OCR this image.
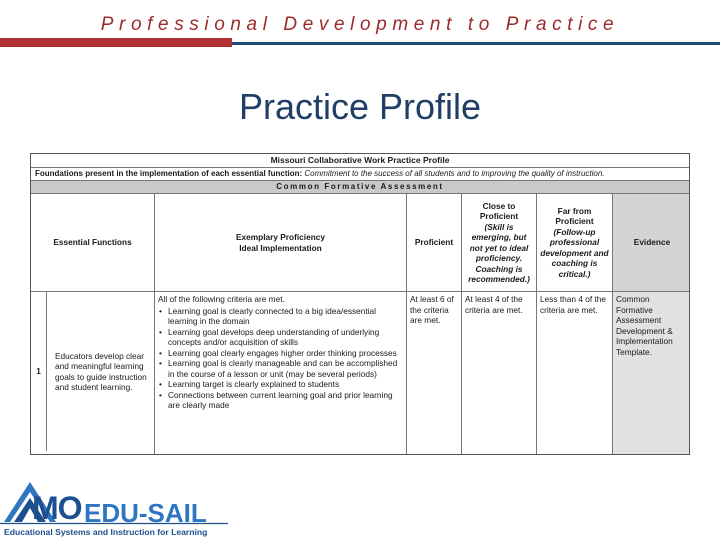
Professional Development to Practice
Practice Profile
Missouri Collaborative Work Practice Profile
Foundations present in the implementation of each essential function: Commitment to the success of all students and to improving the quality of instruction.
Common Formative Assessment
Essential Functions
Exemplary Proficiency
Ideal Implementation
Proficient
Close to Proficient
(Skill is emerging, but not yet to ideal proficiency. Coaching is recommended.)
Far from Proficient
(Follow-up professional development and coaching is critical.)
Evidence
1
Educators develop clear and meaningful learning goals to guide instruction and student learning.
All of the following criteria are met.
• Learning goal is clearly connected to a big idea/essential learning in the domain
• Learning goal develops deep understanding of underlying concepts and/or acquisition of skills
• Learning goal clearly engages higher order thinking processes
• Learning goal is clearly manageable and can be accomplished in the course of a lesson or unit (may be several periods)
• Learning target is clearly explained to students
• Connections between current learning goal and prior learning are clearly made
At least 6 of the criteria are met.
At least 4 of the criteria are met.
Less than 4 of the criteria are met.
Common Formative Assessment Development & Implementation Template.
MO EDU-SAIL
Educational Systems and Instruction for Learning
